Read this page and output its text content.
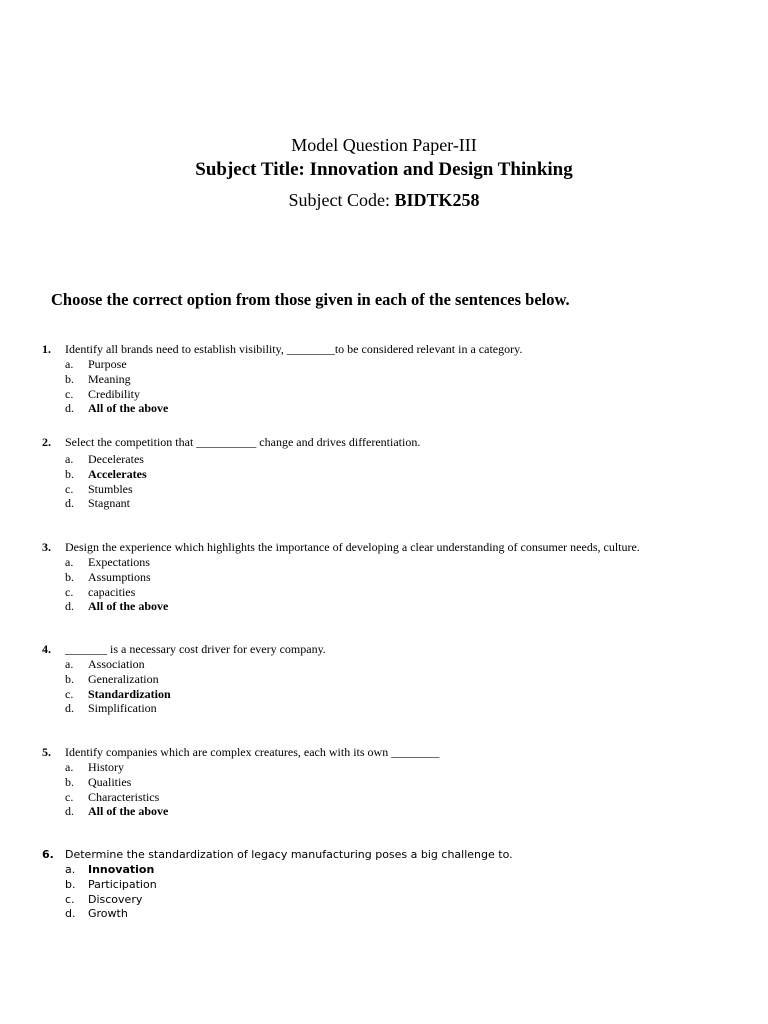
Model Question Paper-III
Subject Title: Innovation and Design Thinking
Subject Code: BIDTK258
Choose the correct option from those given in each of the sentences below.
1. Identify all brands need to establish visibility, ________to be considered relevant in a category.
a. Purpose
b. Meaning
c. Credibility
d. All of the above
2. Select the competition that __________ change and drives differentiation.
a. Decelerates
b. Accelerates
c. Stumbles
d. Stagnant
3. Design the experience which highlights the importance of developing a clear understanding of consumer needs, culture.
a. Expectations
b. Assumptions
c. capacities
d. All of the above
4. _______ is a necessary cost driver for every company.
a. Association
b. Generalization
c. Standardization
d. Simplification
5. Identify companies which are complex creatures, each with its own ________
a. History
b. Qualities
c. Characteristics
d. All of the above
6. Determine the standardization of legacy manufacturing poses a big challenge to.
a. Innovation
b. Participation
c. Discovery
d. Growth
